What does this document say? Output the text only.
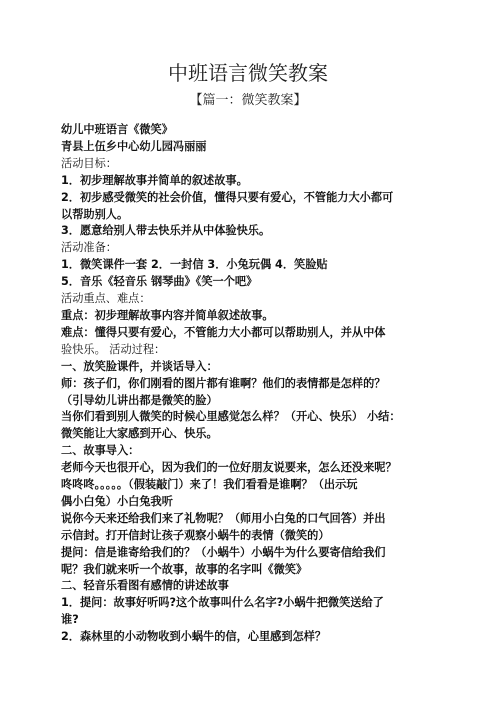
中班语言微笑教案
【篇一：微笑教案】
幼儿中班语言《微笑》
青县上伍乡中心幼儿园冯丽丽
活动目标：
1．初步理解故事并简单的叙述故事。
2．初步感受微笑的社会价值，懂得只要有爱心，不管能力大小都可
以帮助别人。
3．愿意给别人带去快乐并从中体验快乐。
活动准备：
1．微笑课件一套 2．一封信 3．小兔玩偶 4．笑脸贴
5．音乐《轻音乐 钢琴曲》《笑一个吧》
活动重点、难点：
重点：初步理解故事内容并简单叙述故事。
难点：懂得只要有爱心，不管能力大小都可以帮助别人，并从中体
验快乐。 活动过程：
一、放笑脸课件，并谈话导入：
师：孩子们，你们刚看的图片都有谁啊？他们的表情都是怎样的？
（引导幼儿讲出都是微笑的脸）
当你们看到别人微笑的时候心里感觉怎么样？（开心、快乐） 小结：
微笑能让大家感到开心、快乐。
二、故事导入：
老师今天也很开心，因为我们的一位好朋友说要来，怎么还没来呢？
咚咚咚。。。。。（假装敲门）来了！我们看看是谁啊？（出示玩
偶小白兔）小白兔我听
说你今天来还给我们来了礼物呢？（师用小白兔的口气回答）并出
示信封。打开信封让孩子观察小蜗牛的表情（微笑的）
提问：信是谁寄给我们的？（小蜗牛）小蜗牛为什么要寄信给我们
呢？我们就来听一个故事，故事的名字叫《微笑》
二、轻音乐看图有感情的讲述故事
1．提问：故事好听吗?这个故事叫什么名字?小蜗牛把微笑送给了
谁?
2．森林里的小动物收到小蜗牛的信，心里感到怎样？
